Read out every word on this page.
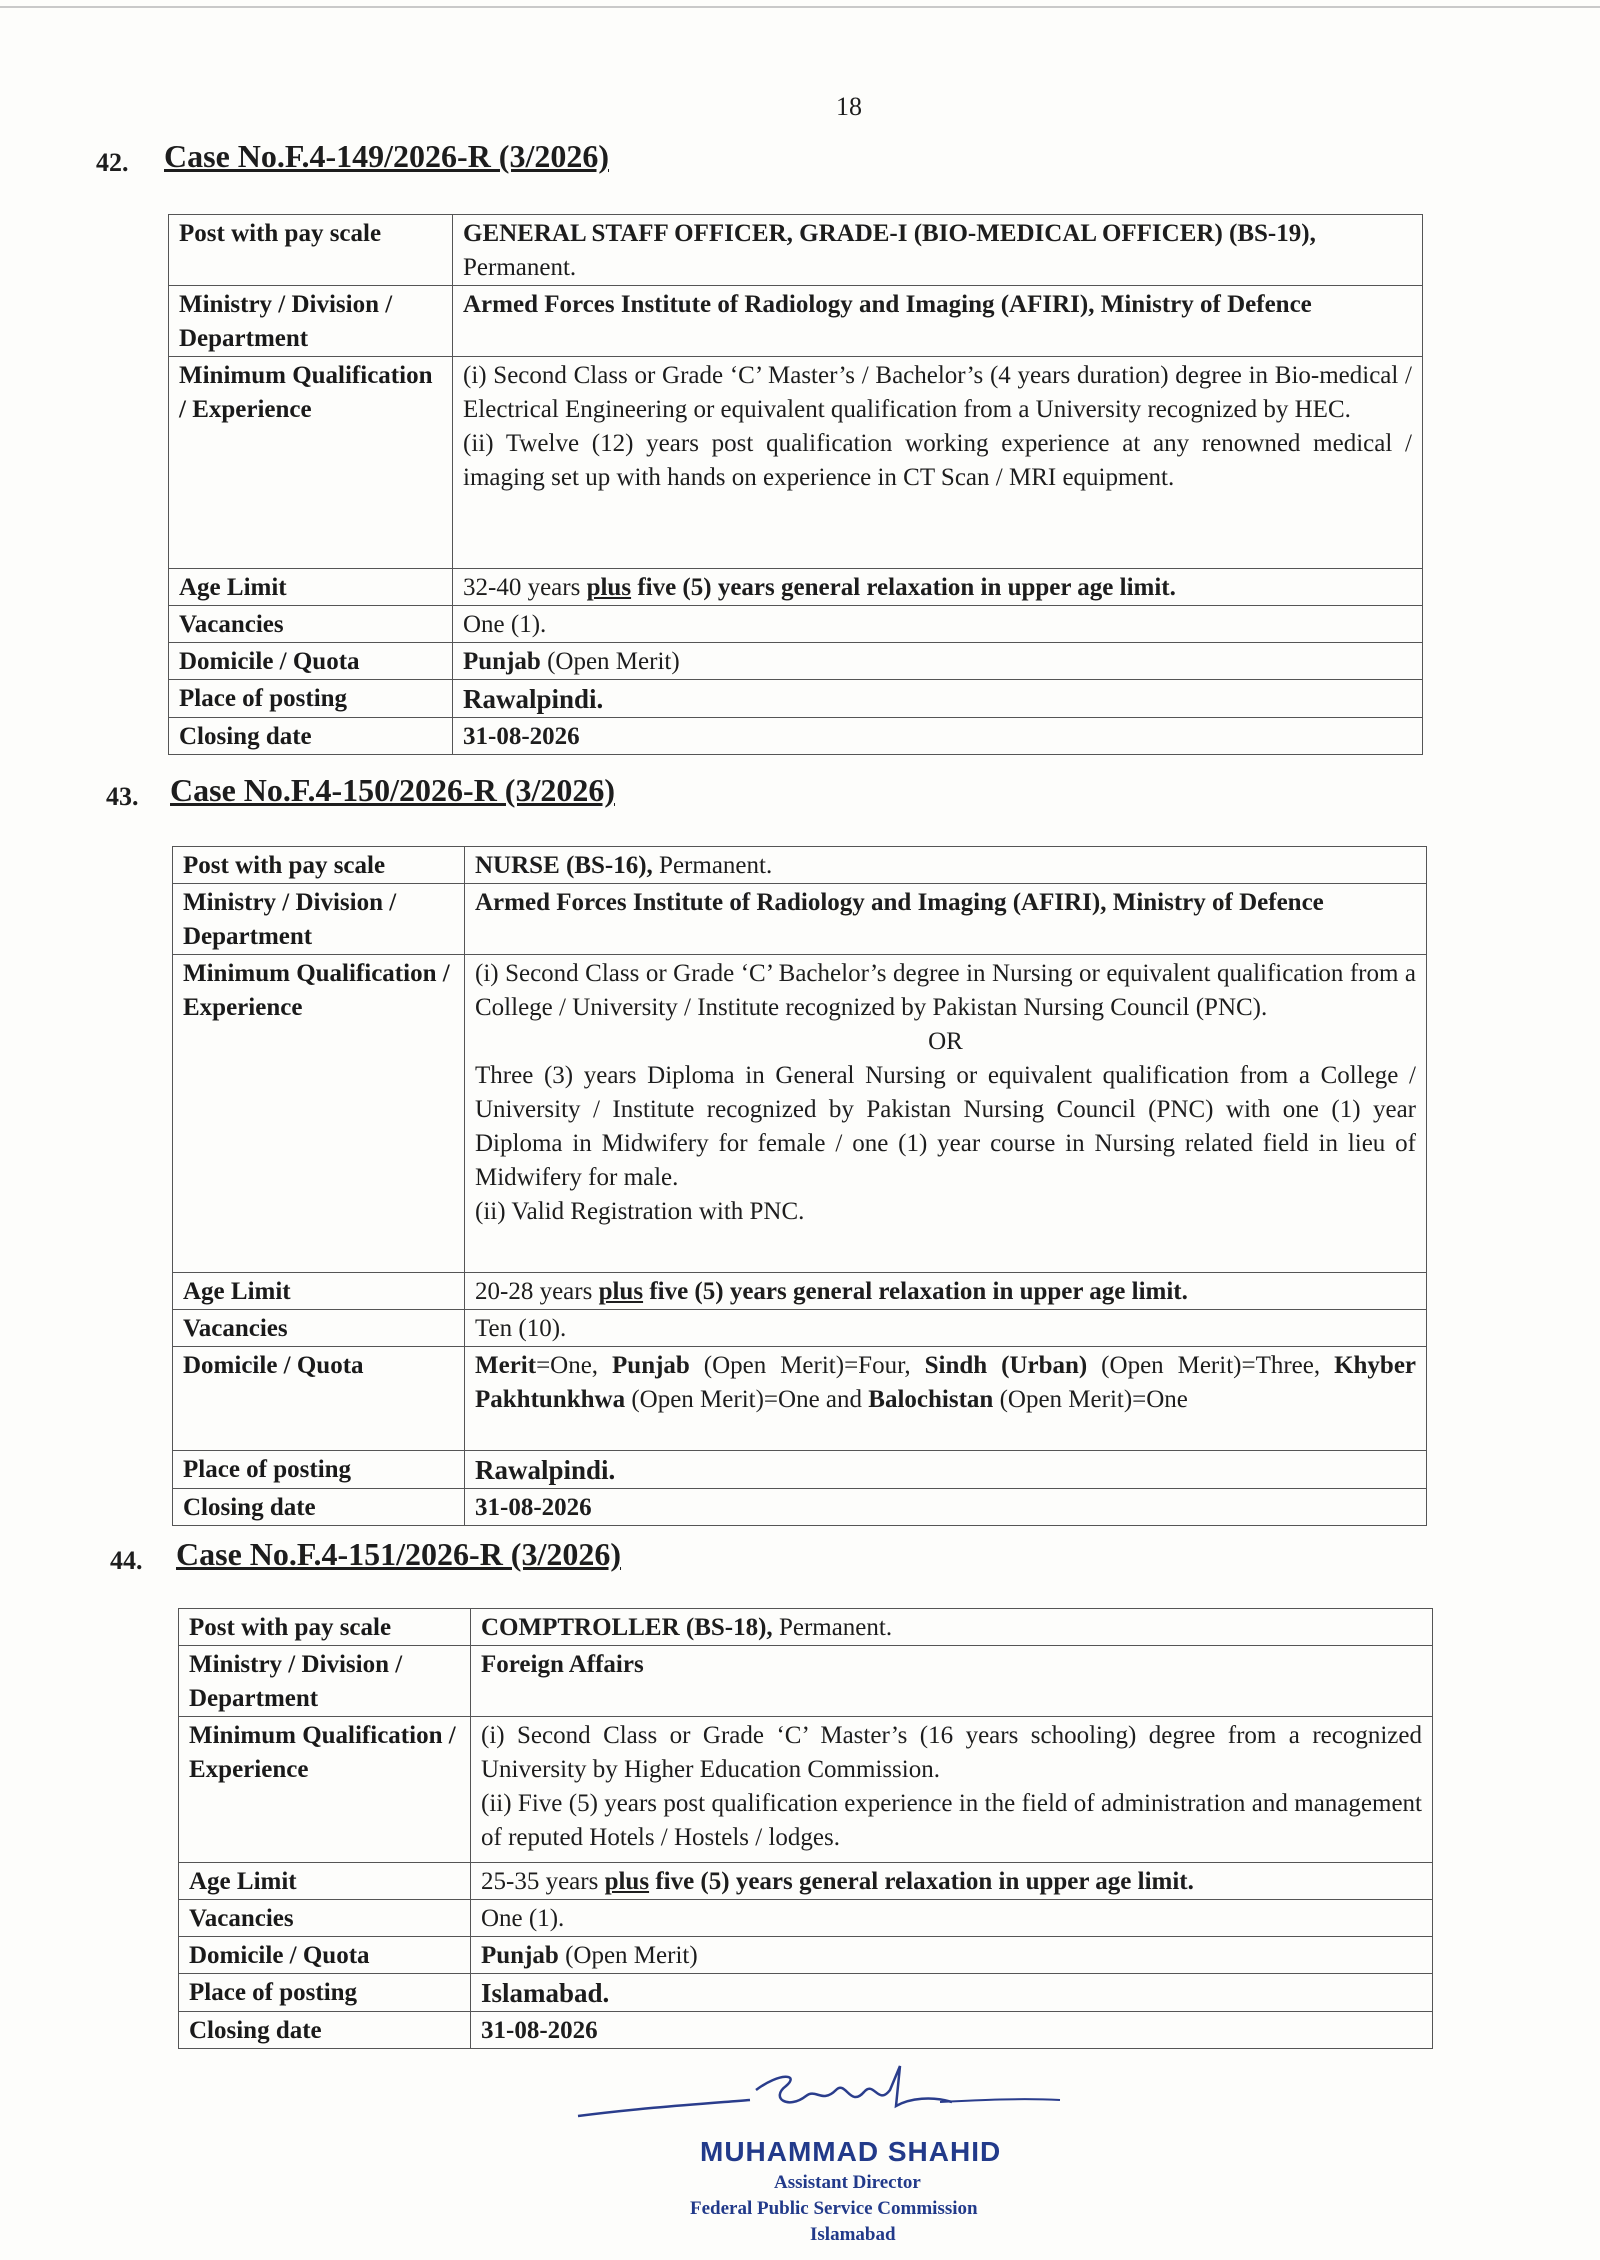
18
42. Case No.F.4-149/2026-R (3/2026)
Post with pay scale	GENERAL STAFF OFFICER, GRADE-I (BIO-MEDICAL OFFICER) (BS-19), Permanent.
Ministry / Division / Department	Armed Forces Institute of Radiology and Imaging (AFIRI), Ministry of Defence
Minimum Qualification / Experience	(i) Second Class or Grade ‘C’ Master’s / Bachelor’s (4 years duration) degree in Bio-medical / Electrical Engineering or equivalent qualification from a University recognized by HEC.
(ii) Twelve (12) years post qualification working experience at any renowned medical / imaging set up with hands on experience in CT Scan / MRI equipment.

Age Limit	32-40 years plus five (5) years general relaxation in upper age limit.
Vacancies	One (1).
Domicile / Quota	Punjab (Open Merit)
Place of posting	Rawalpindi.
Closing date	31-08-2026
43. Case No.F.4-150/2026-R (3/2026)
Post with pay scale	NURSE (BS-16), Permanent.
Ministry / Division / Department	Armed Forces Institute of Radiology and Imaging (AFIRI), Ministry of Defence
Minimum Qualification / Experience	(i) Second Class or Grade ‘C’ Bachelor’s degree in Nursing or equivalent qualification from a College / University / Institute recognized by Pakistan Nursing Council (PNC).
OR
Three (3) years Diploma in General Nursing or equivalent qualification from a College / University / Institute recognized by Pakistan Nursing Council (PNC) with one (1) year Diploma in Midwifery for female / one (1) year course in Nursing related field in lieu of Midwifery for male.
(ii) Valid Registration with PNC.

Age Limit	20-28 years plus five (5) years general relaxation in upper age limit.
Vacancies	Ten (10).
Domicile / Quota	Merit=One, Punjab (Open Merit)=Four, Sindh (Urban) (Open Merit)=Three, Khyber Pakhtunkhwa (Open Merit)=One and Balochistan (Open Merit)=One
Place of posting	Rawalpindi.
Closing date	31-08-2026
44. Case No.F.4-151/2026-R (3/2026)
Post with pay scale	COMPTROLLER (BS-18), Permanent.
Ministry / Division / Department	Foreign Affairs
Minimum Qualification / Experience	(i) Second Class or Grade ‘C’ Master’s (16 years schooling) degree from a recognized University by Higher Education Commission.
(ii) Five (5) years post qualification experience in the field of administration and management of reputed Hotels / Hostels / lodges.

Age Limit	25-35 years plus five (5) years general relaxation in upper age limit.
Vacancies	One (1).
Domicile / Quota	Punjab (Open Merit)
Place of posting	Islamabad.
Closing date	31-08-2026
MUHAMMAD SHAHID
Assistant Director
Federal Public Service Commission
Islamabad
